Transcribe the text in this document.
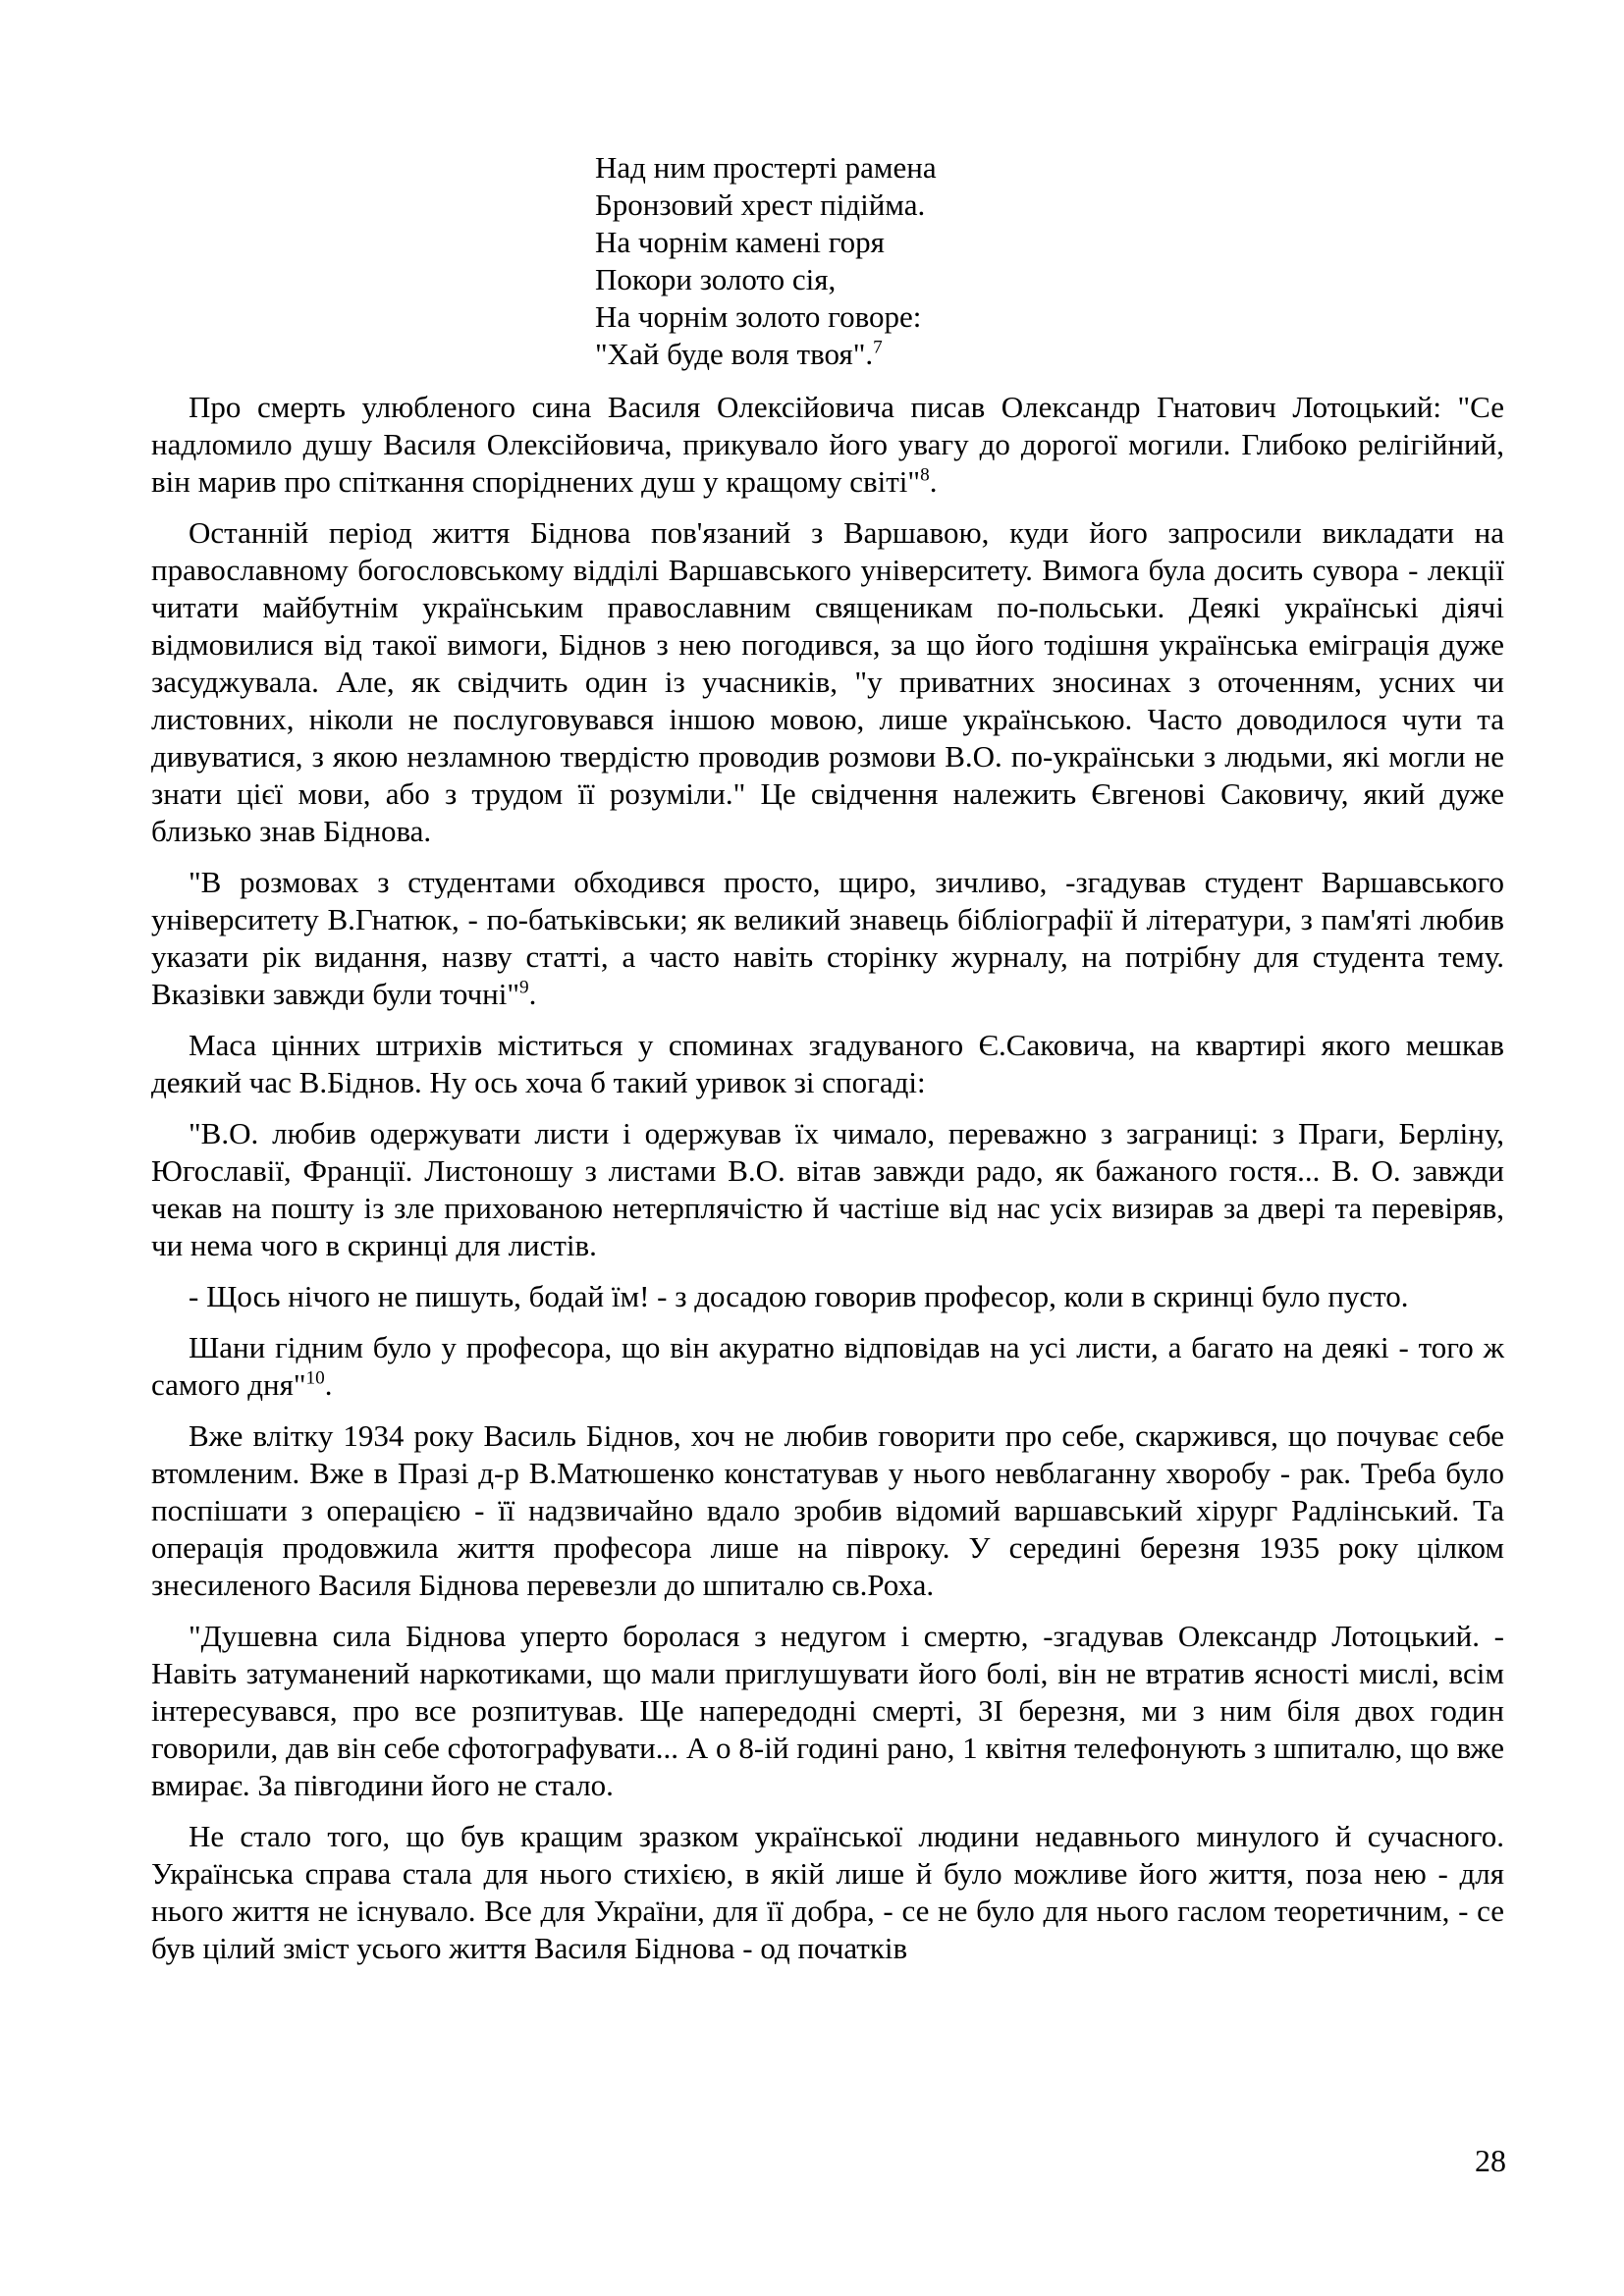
Над ним простерті рамена
Бронзовий хрест підійма.
На чорнім камені горя
Покори золото сія,
На чорнім золото говоре:
"Хай буде воля твоя".$^7$

Про смерть улюбленого сина Василя Олексійовича писав Олександр Гнатович Лотоцький: "Се надломило душу Василя Олексійовича, прикувало його увагу до дорогої могили. Глибоко релігійний, він марив про спіткання споріднених душ у кращому світі"$^8$.

Останній період життя Біднова пов'язаний з Варшавою, куди його запросили викладати на православному богословському відділі Варшавського університету. Вимога була досить сувора - лекції читати майбутнім українським православним священикам по-польськи. Деякі українські діячі відмовилися від такої вимоги, Біднов з нею погодився, за що його тодішня українська еміграція дуже засуджувала. Але, як свідчить один із учасників, "у приватних зносинах з оточенням, усних чи листовних, ніколи не послуговувався іншою мовою, лише українською. Часто доводилося чути та дивуватися, з якою незламною твердістю проводив розмови В.О. по-українськи з людьми, які могли не знати цієї мови, або з трудом її розуміли." Це свідчення належить Євгенові Саковичу, який дуже близько знав Біднова.

"В розмовах з студентами обходився просто, щиро, зичливо, -згадував студент Варшавського університету В.Гнатюк, - по-батьківськи; як великий знавець бібліографії й літератури, з пам'яті любив указати рік видання, назву статті, а часто навіть сторінку журналу, на потрібну для студента тему. Вказівки завжди були точні"$^9$.

Маса цінних штрихів міститься у споминах згадуваного Є.Саковича, на квартирі якого мешкав деякий час В.Біднов. Ну ось хоча б такий уривок зі спогаді:

"В.О. любив одержувати листи і одержував їх чимало, переважно з заграниці: з Праги, Берліну, Югославії, Франції. Листоношу з листами В.О. вітав завжди радо, як бажаного гостя... В. О. завжди чекав на пошту із зле прихованою нетерплячістю й частіше від нас усіх визирав за двері та перевіряв, чи нема чого в скринці для листів.

- Щось нічого не пишуть, бодай їм! - з досадою говорив професор, коли в скринці було пусто.

Шани гідним було у професора, що він акуратно відповідав на усі листи, а багато на деякі - того ж самого дня"$^{10}$.

Вже влітку 1934 року Василь Біднов, хоч не любив говорити про себе, скаржився, що почуває себе втомленим. Вже в Празі д-р В.Матюшенко констатував у нього невблаганну хворобу - рак. Треба було поспішати з операцією - її надзвичайно вдало зробив відомий варшавський хірург Радлінський. Та операція продовжила життя професора лише на півроку. У середині березня 1935 року цілком знесиленого Василя Біднова перевезли до шпиталю св.Роха.

"Душевна сила Біднова уперто боролася з недугом і смертю, -згадував Олександр Лотоцький. - Навіть затуманений наркотиками, що мали приглушувати його болі, він не втратив ясності мислі, всім інтересувався, про все розпитував. Ще напередодні смерті, ЗІ березня, ми з ним біля двох годин говорили, дав він себе сфотографувати... А о 8-ій годині рано, 1 квітня телефонують з шпиталю, що вже вмирає. За півгодини його не стало.

Не стало того, що був кращим зразком української людини недавнього минулого й сучасного. Українська справа стала для нього стихією, в якій лише й було можливе його життя, поза нею - для нього життя не існувало. Все для України, для її добра, - се не було для нього гаслом теоретичним, - се був цілий зміст усього життя Василя Біднова - од початків

28
